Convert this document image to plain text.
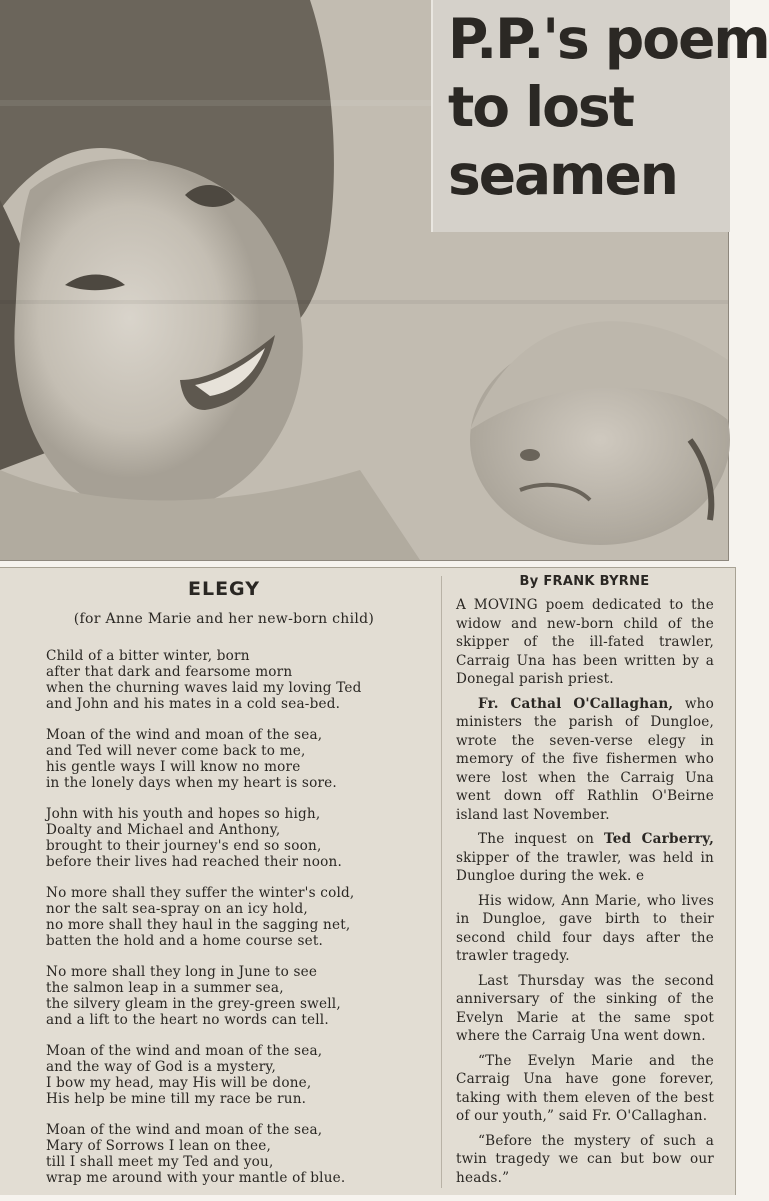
P.P.'s poem
to lost
seamen
ELEGY
(for Anne Marie and her new-born child)
Child of a bitter winter, born
after that dark and fearsome morn
when the churning waves laid my loving Ted
and John and his mates in a cold sea-bed.
Moan of the wind and moan of the sea,
and Ted will never come back to me,
his gentle ways I will know no more
in the lonely days when my heart is sore.
John with his youth and hopes so high,
Doalty and Michael and Anthony,
brought to their journey's end so soon,
before their lives had reached their noon.
No more shall they suffer the winter's cold,
nor the salt sea-spray on an icy hold,
no more shall they haul in the sagging net,
batten the hold and a home course set.
No more shall they long in June to see
the salmon leap in a summer sea,
the silvery gleam in the grey-green swell,
and a lift to the heart no words can tell.
Moan of the wind and moan of the sea,
and the way of God is a mystery,
I bow my head, may His will be done,
His help be mine till my race be run.
Moan of the wind and moan of the sea,
Mary of Sorrows I lean on thee,
till I shall meet my Ted and you,
wrap me around with your mantle of blue.
By FRANK BYRNE

A MOVING poem dedicated to the widow and new-born child of the skipper of the ill-fated trawler, Carraig Una has been written by a Donegal parish priest.

Fr. Cathal O'Callaghan, who ministers the parish of Dungloe, wrote the seven-verse elegy in memory of the five fishermen who were lost when the Carraig Una went down off Rathlin O'Beirne island last November.

The inquest on Ted Carberry, skipper of the trawler, was held in Dungloe during the wek. e

His widow, Ann Marie, who lives in Dungloe, gave birth to their second child four days after the trawler tragedy.

Last Thursday was the second anniversary of the sinking of the Evelyn Marie at the same spot where the Carraig Una went down.

“The Evelyn Marie and the Carraig Una have gone forever, taking with them eleven of the best of our youth,” said Fr. O'Callaghan.

“Before the mystery of such a twin tragedy we can but bow our heads.”
